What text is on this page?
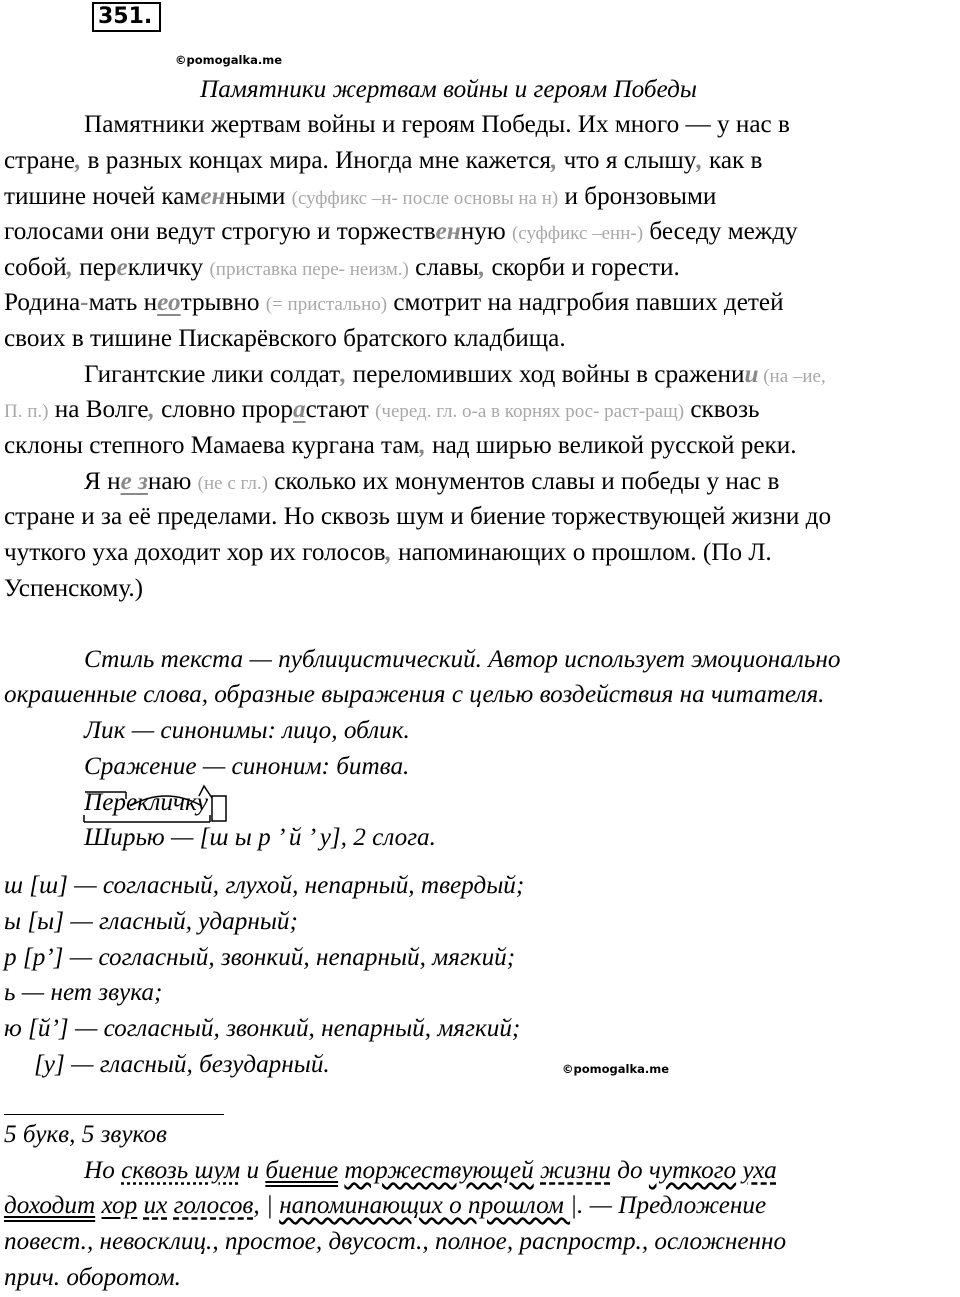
351.
©pomogalka.me
Памятники жертвам войны и героям Победы
Памятники жертвам войны и героям Победы. Их много — у нас в
стране, в разных концах мира. Иногда мне кажется, что я слышу, как в
тишине ночей каменными (суффикс –н- после основы на н) и бронзовыми
голосами они ведут строгую и торжественную (суффикс –енн-) беседу между
собой, перекличку (приставка пере- неизм.) славы, скорби и горести.
Родина-мать неотрывно (= пристально) смотрит на надгробия павших детей
своих в тишине Пискарёвского братского кладбища.
Гигантские лики солдат, переломивших ход войны в сражении (на –ие,
П. п.) на Волге, словно прорастают (черед. гл. о-а в корнях рос- раст-ращ) сквозь
склоны степного Мамаева кургана там, над ширью великой русской реки.
Я не знаю (не с гл.) сколько их монументов славы и победы у нас в
стране и за её пределами. Но сквозь шум и биение торжествующей жизни до
чуткого уха доходит хор их голосов, напоминающих о прошлом. (По Л.
Успенскому.)
Стиль текста — публицистический. Автор использует эмоционально
окрашенные слова, образные выражения с целью воздействия на читателя.
Лик — синонимы: лицо, облик.
Сражение — синоним: битва.
Перекличку
Ширью — [ш ы р ’ й ’ у], 2 слога.
ш [ш] — согласный, глухой, непарный, твердый;
ы [ы] — гласный, ударный;
р [р’] — согласный, звонкий, непарный, мягкий;
ь — нет звука;
ю [й’] — согласный, звонкий, непарный, мягкий;
[у] — гласный, безударный.	©pomogalka.me
5 букв, 5 звуков
Но сквозь шум и биение торжествующей жизни до чуткого уха
доходит хор их голосов, | напоминающих о прошлом |. — Предложение
повест., невосклиц., простое, двусост., полное, распростр., осложненно
прич. оборотом.
